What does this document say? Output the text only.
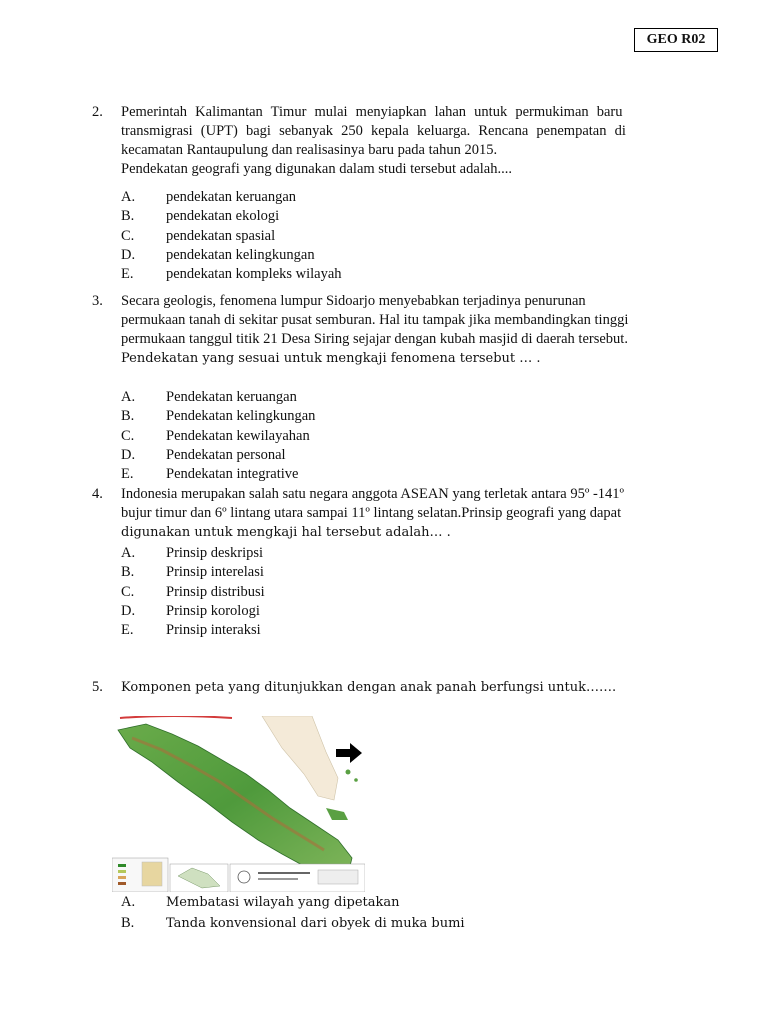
GEO R02
2. Pemerintah Kalimantan Timur mulai menyiapkan lahan untuk permukiman baru
transmigrasi (UPT) bagi sebanyak 250 kepala keluarga. Rencana penempatan di
kecamatan Rantaupulung dan realisasinya baru pada tahun 2015.
Pendekatan geografi yang digunakan dalam studi tersebut adalah....
A. pendekatan keruangan
B. pendekatan ekologi
C. pendekatan spasial
D. pendekatan kelingkungan
E. pendekatan kompleks wilayah
3. Secara geologis, fenomena lumpur Sidoarjo menyebabkan terjadinya penurunan
permukaan tanah di sekitar pusat semburan. Hal itu tampak jika membandingkan tinggi
permukaan tanggul titik 21 Desa Siring sejajar dengan kubah masjid di daerah tersebut.
Pendekatan yang sesuai untuk mengkaji fenomena tersebut … .
A. Pendekatan keruangan
B. Pendekatan kelingkungan
C. Pendekatan kewilayahan
D. Pendekatan personal
E. Pendekatan integrative
4. Indonesia merupakan salah satu negara anggota ASEAN yang terletak antara 95º -141º
bujur timur dan 6º lintang utara sampai 11º lintang selatan.Prinsip geografi yang dapat
digunakan untuk mengkaji hal tersebut adalah… .
A. Prinsip deskripsi
B. Prinsip interelasi
C. Prinsip distribusi
D. Prinsip korologi
E. Prinsip interaksi
5. Komponen peta yang ditunjukkan dengan anak panah berfungsi untuk…….
A. Membatasi wilayah yang dipetakan
B. Tanda konvensional dari obyek di muka bumi
